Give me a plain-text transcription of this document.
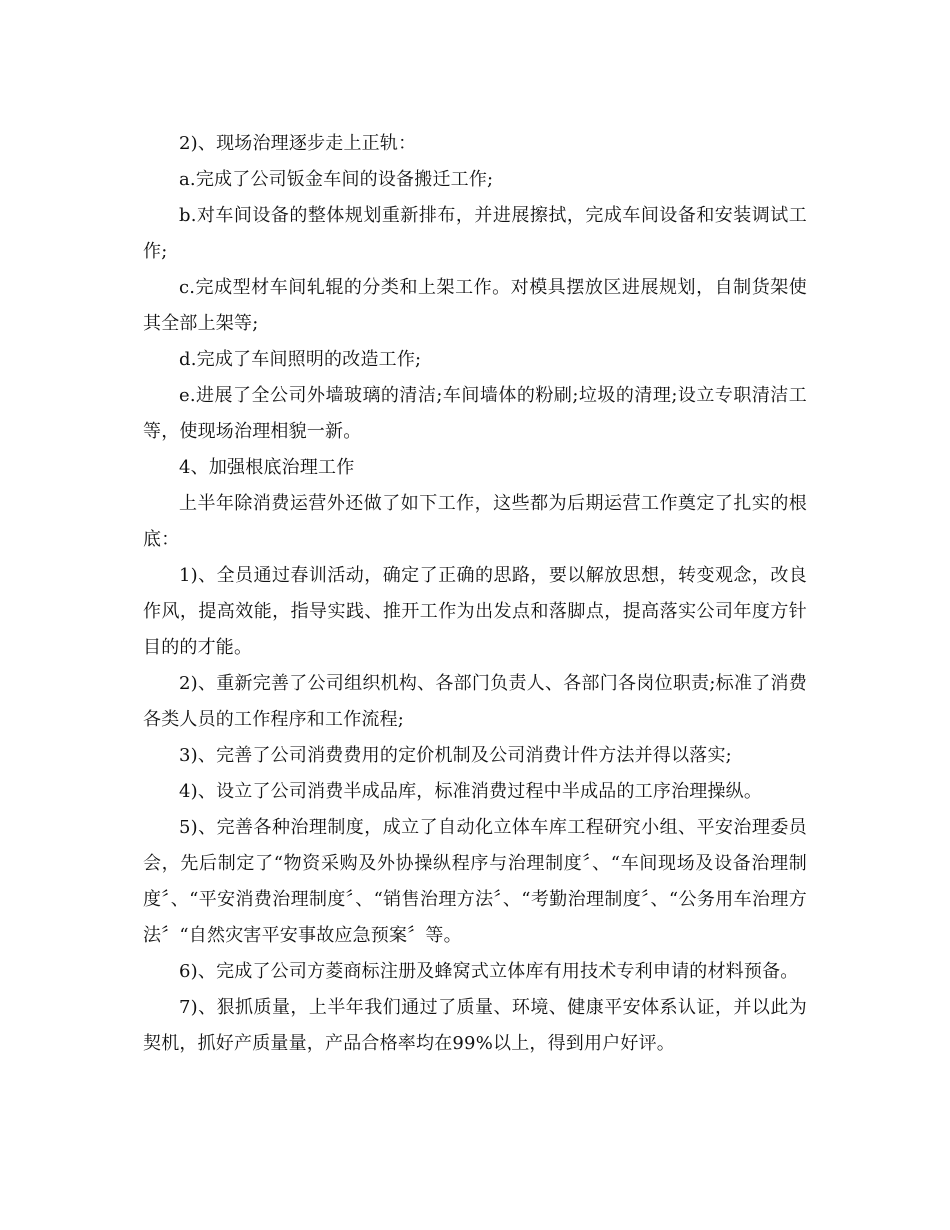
2)、现场治理逐步走上正轨：

a.完成了公司钣金车间的设备搬迁工作;

b.对车间设备的整体规划重新排布，并进展擦拭，完成车间设备和安装调试工作;

c.完成型材车间轧辊的分类和上架工作。对模具摆放区进展规划，自制货架使其全部上架等;

d.完成了车间照明的改造工作;

e.进展了全公司外墙玻璃的清洁;车间墙体的粉刷;垃圾的清理;设立专职清洁工等，使现场治理相貌一新。

4、加强根底治理工作

上半年除消费运营外还做了如下工作，这些都为后期运营工作奠定了扎实的根底：

1)、全员通过春训活动，确定了正确的思路，要以解放思想，转变观念，改良作风，提高效能，指导实践、推开工作为出发点和落脚点，提高落实公司年度方针目的的才能。

2)、重新完善了公司组织机构、各部门负责人、各部门各岗位职责;标准了消费各类人员的工作程序和工作流程;

3)、完善了公司消费费用的定价机制及公司消费计件方法并得以落实;

4)、设立了公司消费半成品库，标准消费过程中半成品的工序治理操纵。

5)、完善各种治理制度，成立了自动化立体车库工程研究小组、平安治理委员会，先后制定了“物资采购及外协操纵程序与治理制度〞、“车间现场及设备治理制度〞、“平安消费治理制度〞、“销售治理方法〞、“考勤治理制度〞、“公务用车治理方法〞“自然灾害平安事故应急预案〞等。

6)、完成了公司方菱商标注册及蜂窝式立体库有用技术专利申请的材料预备。

7)、狠抓质量，上半年我们通过了质量、环境、健康平安体系认证，并以此为契机，抓好产质量量，产品合格率均在99%以上，得到用户好评。
